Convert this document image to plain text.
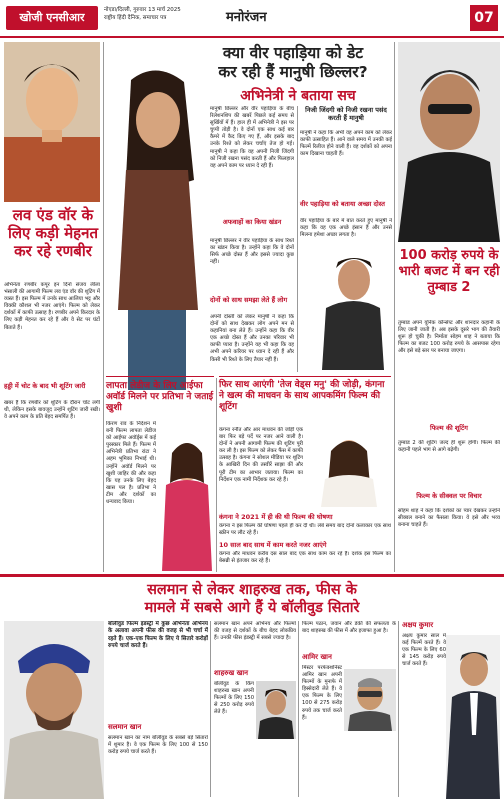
खोजी एनसीआर
नोएडा/दिल्ली, गुरुवार 13 मार्च 2025
राष्ट्रीय हिंदी दैनिक, समाचार पत्र	मनोरंजन	07
लव एंड वॉर के लिए कड़ी मेहनत कर रहे रणबीर
अभिनेता रणबीर कपूर इन दिनों संजय लीला भंसाली की आगामी फिल्म लव एंड वॉर की शूटिंग में व्यस्त हैं। इस फिल्म में उनके साथ आलिया भट्ट और विक्की कौशल भी नजर आएंगे। फिल्म को लेकर दर्शकों में काफी उत्साह है। रणबीर अपने किरदार के लिए कड़ी मेहनत कर रहे हैं और वे सेट पर घंटों बिताते हैं।
हड्डी में चोट के बाद भी शूटिंग जारी
खबर है कि रणबीर को शूटिंग के दौरान चोट लगी थी, लेकिन इसके बावजूद उन्होंने शूटिंग जारी रखी। वे अपने काम के प्रति बेहद समर्पित हैं।
क्या वीर पहाड़िया को डेट
कर रही हैं मानुषी छिल्लर?
अभिनेत्री ने बताया सच
मानुषी छिल्लर और वीर पहाड़िया के बीच रिलेशनशिप की खबरें पिछले कई समय से सुर्खियों में हैं। हाल ही में अभिनेत्री ने इस पर चुप्पी तोड़ी है। वे दोनों एक साथ कई बार कैमरे में कैद किए गए हैं, और इसके बाद उनके रिश्ते को लेकर चर्चाएं तेज हो गईं। मानुषी ने कहा कि वह अपनी निजी जिंदगी को निजी रखना पसंद करती हैं और फिलहाल वह अपने काम पर ध्यान दे रही हैं।
अफवाहों का किया खंडन
मानुषी छिल्लर ने वीर पहाड़िया के साथ रिश्ते का खंडन किया है। उन्होंने कहा कि वे दोनों सिर्फ अच्छे दोस्त हैं और इससे ज्यादा कुछ नहीं।
दोनों को साथ समझा लेते हैं लोग
अपनी दोस्ती को लेकर मानुषी ने कहा कि दोनों को साथ देखकर लोग अपने मन से कहानियां बना लेते हैं। उन्होंने कहा कि वीर एक अच्छे दोस्त हैं और उनका परिवार भी काफी प्यारा है। उन्होंने यह भी कहा कि वह अभी अपने करियर पर ध्यान दे रही हैं और किसी भी रिश्ते के लिए तैयार नहीं हैं।
निजी जिंदगी को निजी रखना पसंद करती हैं मानुषी
मानुषी ने कहा कि अभी वह अपने काम को लेकर काफी उत्साहित हैं। आने वाले समय में उनकी कई फिल्में रिलीज होने वाली हैं। वह दर्शकों को अपना काम दिखाना चाहती हैं।
वीर पहाड़िया को बताया अच्छा दोस्त
वीर पहाड़िया के बारे में बात करते हुए मानुषी ने कहा कि वह एक अच्छे इंसान हैं और उनसे मिलना हमेशा अच्छा लगता है।
100 करोड़ रुपये के भारी बजट में बन रही तुम्बाड 2
तुम्बाड अपने यूनिक कॉन्सेप्ट और शानदार कहानी के लिए जानी जाती है। अब इसके दूसरे भाग की तैयारी शुरू हो चुकी है। निर्माता सोहम शाह ने बताया कि फिल्म का बजट 100 करोड़ रुपये के आसपास रहेगा और इसे बड़े स्तर पर बनाया जाएगा।
फिल्म की शूटिंग
तुम्बाड 2 की शूटिंग जल्द ही शुरू होगी। फिल्म की कहानी पहले भाग से आगे बढ़ेगी।
फिल्म के सीक्वल पर विचार
सोहम शाह ने कहा कि दर्शकों का प्यार देखकर उन्होंने सीक्वल बनाने का फैसला किया। वे इसे और भव्य बनाना चाहते हैं।
लापता लेडीज के लिए आईफा अवॉर्ड मिलने पर प्रतिभा ने जताई खुशी
किरण राव के निर्देशन में बनी फिल्म लापता लेडीज को आईफा अवॉर्ड्स में कई पुरस्कार मिले हैं। फिल्म में अभिनेत्री प्रतिभा रांटा ने अहम भूमिका निभाई थी। उन्होंने अवॉर्ड मिलने पर खुशी जाहिर की और कहा कि यह उनके लिए बेहद खास पल है। प्रतिभा ने टीम और दर्शकों का धन्यवाद किया।
फिर साथ आएंगी 'तेज वेड्स मनु' की जोड़ी, कंगना ने खत्म की माधवन के साथ आपकमिंग फिल्म की शूटिंग
कंगना रनौत और आर माधवन की जोड़ी एक बार फिर बड़े पर्दे पर नजर आने वाली है। दोनों ने अपनी आगामी फिल्म की शूटिंग पूरी कर ली है। इस फिल्म को लेकर फैंस में काफी उत्साह है। कंगना ने सोशल मीडिया पर शूटिंग के आखिरी दिन की तस्वीरें साझा कीं और पूरी टीम का आभार जताया। फिल्म का निर्देशन एक नामी निर्देशक कर रहे हैं।
कंगना ने 2021 में ही की थी फिल्म की घोषणा
कंगना ने इस फिल्म की घोषणा पहले ही कर दी थी। लंबे समय बाद दोनों कलाकार एक साथ स्क्रीन पर लौट रहे हैं।
10 साल बाद साथ में काम करते नजर आएंगे
कंगना और माधवन करीब दस साल बाद एक साथ काम कर रहे हैं। दर्शक इस फिल्म का बेसब्री से इंतजार कर रहे हैं।
सलमान से लेकर शाहरुख तक, फीस के
मामले में सबसे आगे हैं ये बॉलीवुड सितारे
बॉलीवुड फिल्म इंडस्ट्री में कुछ अभिनेता अभिनय के अलावा अपनी फीस की वजह से भी चर्चा में रहते हैं। एक-एक फिल्म के लिए ये सितारे करोड़ों रुपये चार्ज करते हैं।
सलमान खान
सलमान खान का नाम बॉलीवुड के सबसे बड़े सितारों में शुमार है। वे एक फिल्म के लिए 100 से 150 करोड़ रुपये चार्ज करते हैं।
सलमान खान अपने अभिनय और फिल्मों की वजह से दर्शकों के बीच बेहद लोकप्रिय हैं। उनकी फीस इंडस्ट्री में सबसे ज्यादा है।
शाहरुख खान
बॉलीवुड के किंग शाहरुख खान अपनी फिल्मों के लिए 150 से 250 करोड़ रुपये लेते हैं।
फिल्म पठान, जवान और डंकी की सफलता के बाद शाहरुख की फीस में और इजाफा हुआ है।
आमिर खान
मिस्टर परफेक्शनिस्ट आमिर खान अपनी फिल्मों के मुनाफे में हिस्सेदारी लेते हैं। वे एक फिल्म के लिए 100 से 275 करोड़ रुपये तक चार्ज करते हैं।
अक्षय कुमार
अक्षय कुमार साल में कई फिल्में करते हैं। वे एक फिल्म के लिए 60 से 145 करोड़ रुपये चार्ज करते हैं।
